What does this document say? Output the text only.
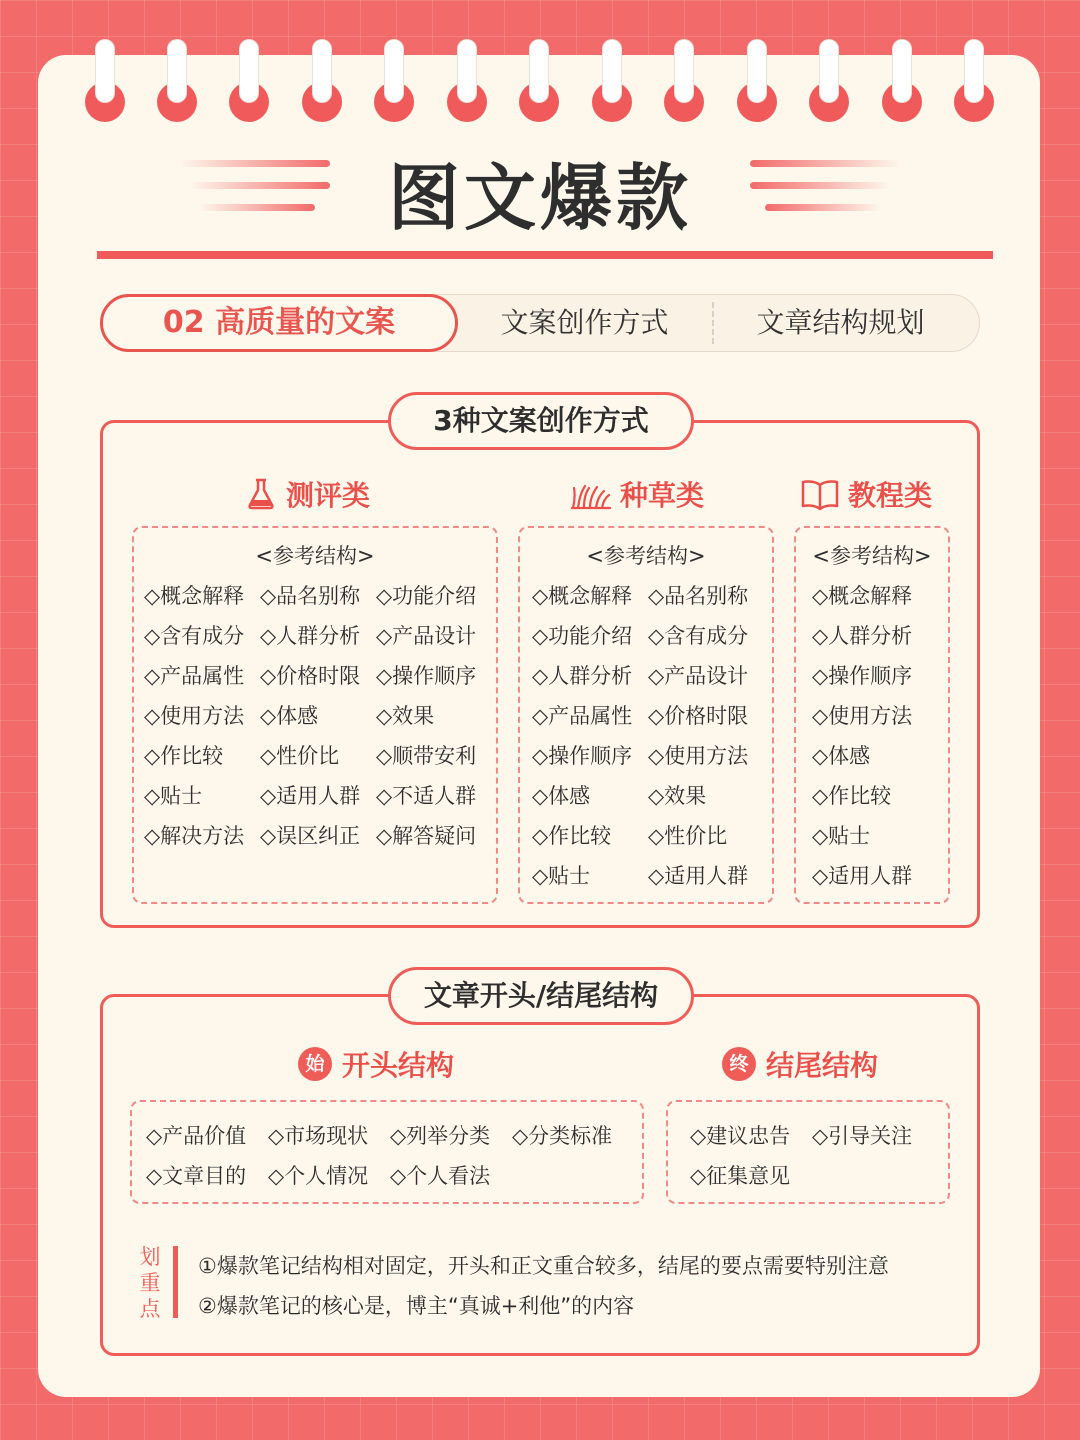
图文爆款
02 高质量的文案	文案创作方式	文章结构规划
3种文案创作方式
测评类	种草类	教程类
<参考结构>
◇概念解释 ◇品名别称 ◇功能介绍
◇含有成分 ◇人群分析 ◇产品设计
◇产品属性 ◇价格时限 ◇操作顺序
◇使用方法 ◇体感	◇效果
◇作比较 ◇性价比 ◇顺带安利
◇贴士	◇适用人群 ◇不适人群
◇解决方法 ◇误区纠正 ◇解答疑问
<参考结构>
◇概念解释 ◇品名别称
◇功能介绍 ◇含有成分
◇人群分析 ◇产品设计
◇产品属性 ◇价格时限
◇操作顺序 ◇使用方法
◇体感	◇效果
◇作比较 ◇性价比
◇贴士	◇适用人群
<参考结构>
◇概念解释
◇人群分析
◇操作顺序
◇使用方法
◇体感
◇作比较
◇贴士
◇适用人群
文章开头/结尾结构
始 开头结构	终 结尾结构
◇产品价值 ◇市场现状 ◇列举分类 ◇分类标准
◇文章目的 ◇个人情况 ◇个人看法
◇建议忠告 ◇引导关注
◇征集意见
划重点
①爆款笔记结构相对固定，开头和正文重合较多，结尾的要点需要特别注意
②爆款笔记的核心是，博主“真诚+利他”的内容
